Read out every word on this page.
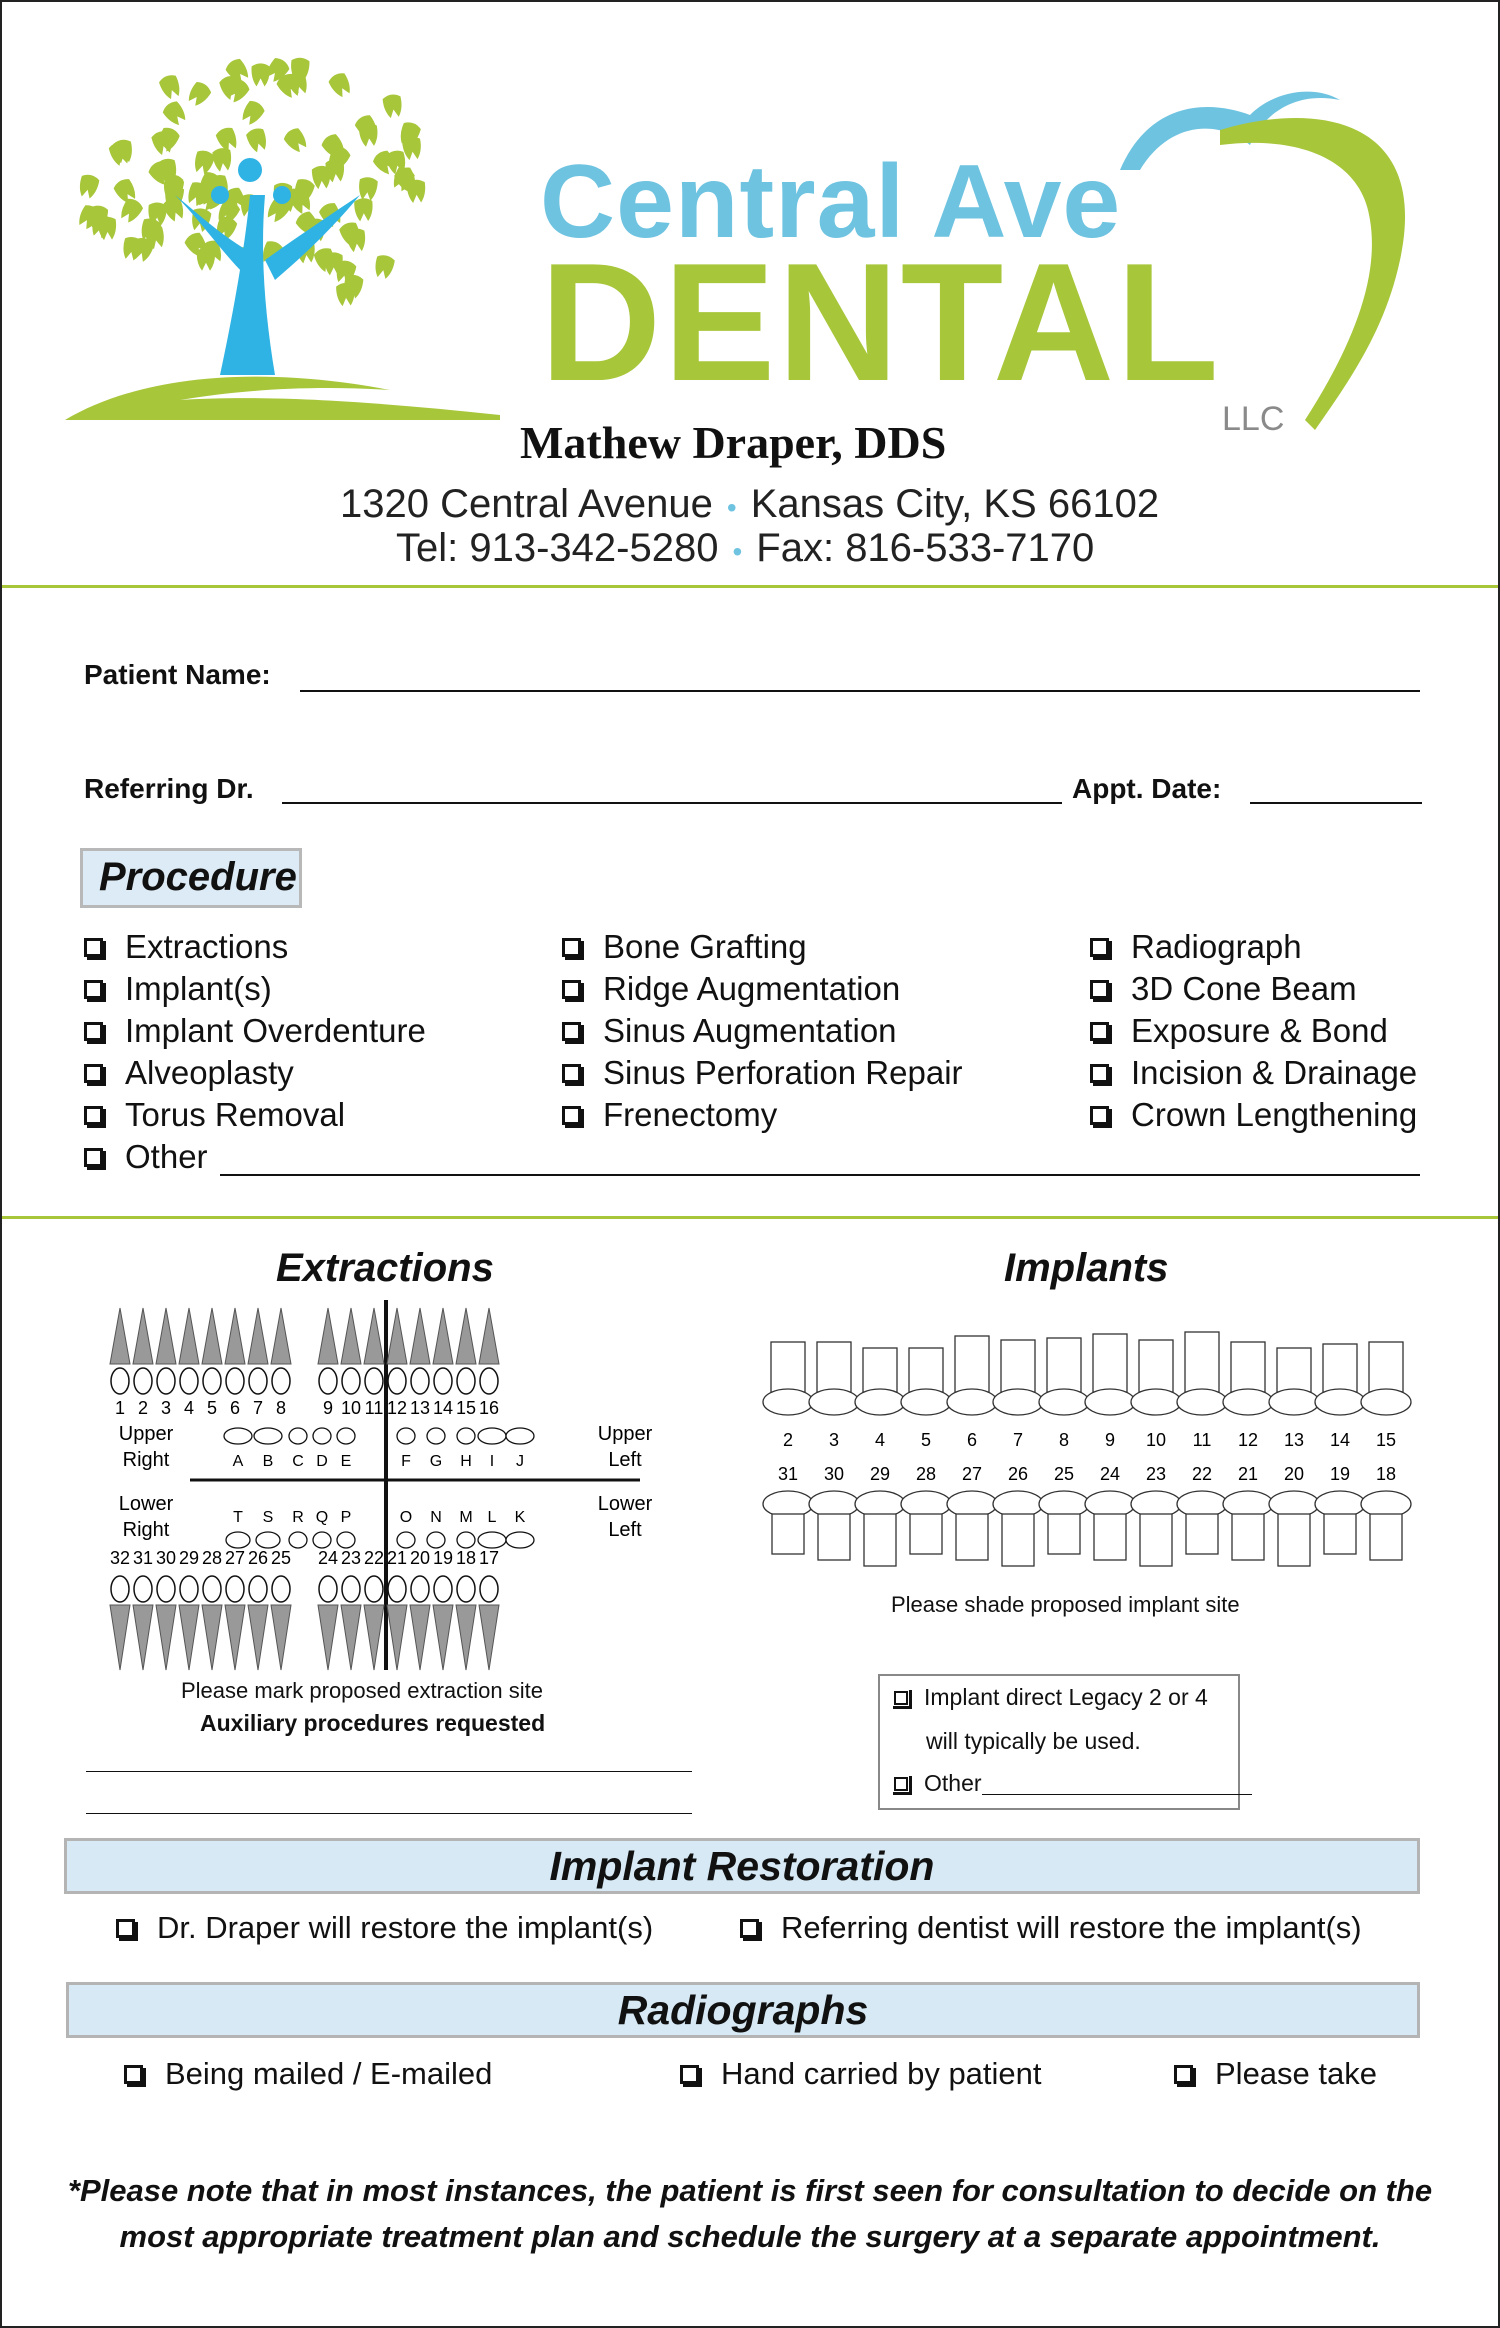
Central Ave
DENTAL
LLC
Mathew Draper, DDS
1320 Central Avenue • Kansas City, KS 66102
Tel: 913-342-5280 • Fax: 816-533-7170
Patient Name:
Referring Dr.	Appt. Date:
Procedure
Extractions
Implant(s)
Implant Overdenture
Alveoplasty
Torus Removal
Other
Bone Grafting
Ridge Augmentation
Sinus Augmentation
Sinus Perforation Repair
Frenectomy
Radiograph
3D Cone Beam
Exposure & Bond
Incision & Drainage
Crown Lengthening
Extractions
1
32
2
31
3
30
4
29
5
28
6
27
7
26
8
25
9
24
10
23
11
22
12
21
13
20
14
19
15
18
16
17
Upper
Right
Upper
Left
Lower
Right
Lower
Left
A B C D E	F G H I J
T S R Q P	O N M L K
Please mark proposed extraction site
Auxiliary procedures requested
Implants
2
31
3
30
4
29
5
28
6
27
7
26
8
25
9
24
10
23
11
22
12
21
13
20
14
19
15
18
Please shade proposed implant site
Implant direct Legacy 2 or 4
will typically be used.
Other
Implant Restoration
Dr. Draper will restore the implant(s)	Referring dentist will restore the implant(s)
Radiographs
Being mailed / E-mailed	Hand carried by patient	Please take
*Please note that in most instances, the patient is first seen for consultation to decide on the
most appropriate treatment plan and schedule the surgery at a separate appointment.
